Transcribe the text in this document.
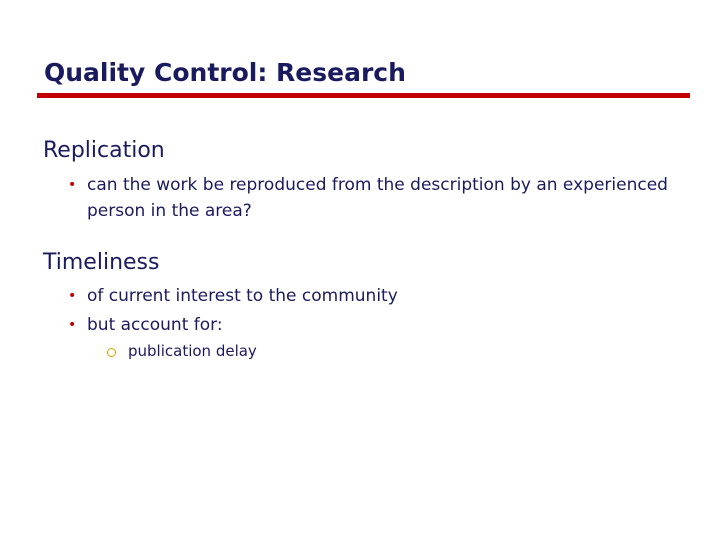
Quality Control: Research
Replication
• can the work be reproduced from the description by an experienced person in the area?
Timeliness
• of current interest to the community
• but account for:
publication delay
